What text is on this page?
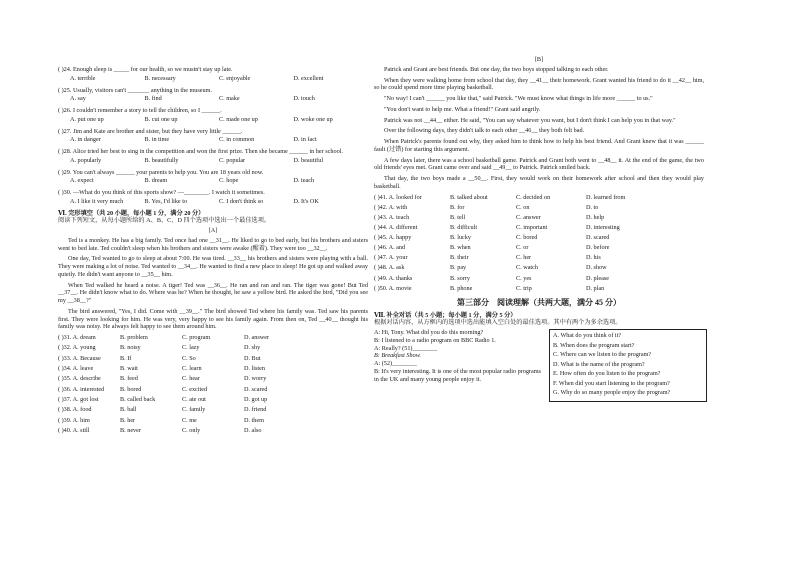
( )24. Enough sleep is _____ for our health, so we mustn't stay up late.

A. terrible	B. necessary	C. enjoyable	D. excellent

( )25. Usually, visitors can't _______ anything in the museum.

A. say	B. find	C. make	D. touch

( )26. I couldn't remember a story to tell the children, so I ______.

A. put one up	B. cut one up	C. made one up	D. woke one up

( )27. Jim and Kate are brother and sister, but they have very little ______.

A. in danger	B. in time	C. in common	D. in fact

( )28. Alice tried her best to sing in the competition and won the first prize. Then she became ______ in her school.

A. popularly	B. beautifully	C. popular	D. beautiful

( )29. You can't always ______ your parents to help you. You are 18 years old now.

A. expect	B. dream	C. hope	D. teach

( )30. —What do you think of this sports show? —________. I watch it sometimes.

A. I like it very much	B. Yes, I'd like to	C. I don't think so	D. It's OK

Ⅵ. 完形填空（共 20 小题，每小题 1 分，满分 20 分）

阅读下列短文，从每小题所给的 A、B、C、D 四个选项中选出一个最佳选项。

[A]

Ted is a monkey. He has a big family. Ted once had one __31__. He liked to go to bed early, but his brothers and sisters went to bed late. Ted couldn't sleep when his brothers and sisters were awake (醒着). They were too __32__.

One day, Ted wanted to go to sleep at about 7:00. He was tired. __33__ his brothers and sisters were playing with a ball. They were making a lot of noise. Ted wanted to __34__. He wanted to find a new place to sleep! He got up and walked away quietly. He didn't want anyone to __35__ him.

When Ted walked he heard a noise. A tiger! Ted was __36__. He ran and ran and ran. The tiger was gone! But Ted __37__. He didn't know what to do. Where was he? When he thought, he saw a yellow bird. He asked the bird, "Did you see my __38__?"

The bird answered, "Yes, I did. Come with __39__." The bird showed Ted where his family was. Ted saw his parents first. They were looking for him. He was very, very happy to see his family again. From then on, Ted __40__ thought his family was noisy. He always felt happy to see them around him.

( )31. A. dream	B. problem	C. program	D. answer
( )32. A. young	B. noisy	C. lazy	D. shy
( )33. A. Because	B. If	C. So	D. But
( )34. A. leave	B. wait	C. learn	D. listen
( )35. A. describe	B. feed	C. hear	D. worry
( )36. A. interested	B. bored	C. excited	D. scared
( )37. A. got lost	B. called back	C. ate out	D. got up
( )38. A. food	B. ball	C. family	D. friend
( )39. A. him	B. her	C. me	D. them
( )40. A. still	B. never	C. only	D. also

[B]

Patrick and Grant are best friends. But one day, the two boys stopped talking to each other.

When they were walking home from school that day, they __41__ their homework. Grant wanted his friend to do it __42__ him, so he could spend more time playing basketball.

"No way! I can't ______ you like that," said Patrick. "We must know what things in life more ______ to us."

"You don't want to help me. What a friend!" Grant said angrily.

Patrick was not __44__ either. He said, "You can say whatever you want, but I don't think I can help you in that way."

Over the following days, they didn't talk to each other __46__ they both felt bad.

When Patrick's parents found out why, they asked him to think how to help his best friend. And Grant knew that it was ______ fault (过错) for starting this argument.

A few days later, there was a school basketball game. Patrick and Grant both went to __48__ it. At the end of the game, the two old friends' eyes met. Grant came over and said __49__ to Patrick. Patrick smiled back.

That day, the two boys made a __50__. First, they would work on their homework after school and then they would play basketball.

( )41. A. looked for	B. talked about	C. decided on	D. learned from
( )42. A. with	B. for	C. on	D. to
( )43. A. teach	B. tell	C. answer	D. help
( )44. A. different	B. difficult	C. important	D. interesting
( )45. A. happy	B. lucky	C. bored	D. scared
( )46. A. and	B. when	C. or	D. before
( )47. A. your	B. their	C. her	D. his
( )48. A. ask	B. pay	C. watch	D. show
( )49. A. thanks	B. sorry	C. yes	D. please
( )50. A. movie	B. phone	C. trip	D. plan

第三部分　阅读理解（共两大题，满分 45 分）

Ⅶ. 补全对话（共 5 小题；每小题 1 分，满分 5 分）

根据对话内容，从方框内的选项中选出能填入空白处的最佳选项。其中有两个为多余选项。

A: Hi, Tony. What did you do this morning?

B: I listened to a radio program on BBC Radio 1.

A: Really? (51)________

B: Breakfast Show.

A: (52)________

B: It's very interesting. It is one of the most popular radio programs in the UK and many young people enjoy it.

A. What do you think of it?
B. When does the program start?
C. Where can we listen to the program?
D. What is the name of the program?
E. How often do you listen to the program?
F. When did you start listening to the program?
G. Why do so many people enjoy the program?
